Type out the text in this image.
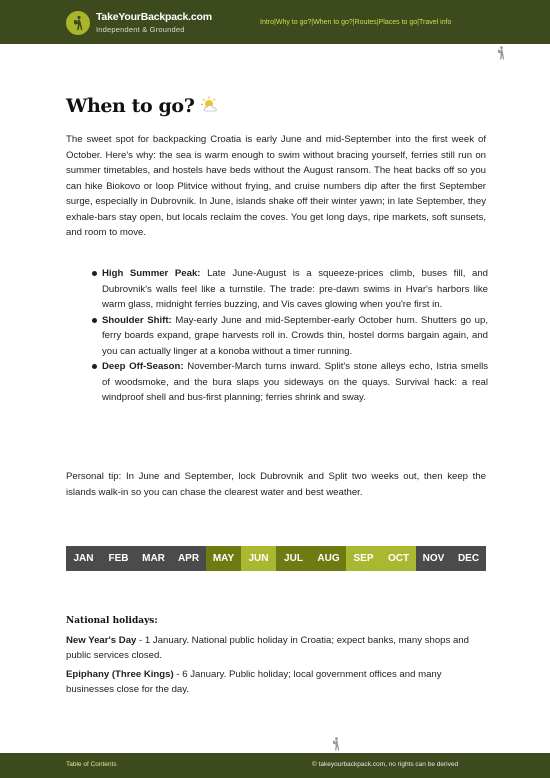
TakeYourBackpack.com
Independent & Grounded
Intro | Why to go? | When to go? | Routes | Places to go | Travel info
When to go?

The sweet spot for backpacking Croatia is early June and mid-September into the first week of October. Here's why: the sea is warm enough to swim without bracing yourself, ferries still run on summer timetables, and hostels have beds without the August ransom. The heat backs off so you can hike Biokovo or loop Plitvice without frying, and cruise numbers dip after the first September surge, especially in Dubrovnik. In June, islands shake off their winter yawn; in late September, they exhale-bars stay open, but locals reclaim the coves. You get long days, ripe markets, soft sunsets, and room to move.

High Summer Peak: Late June-August is a squeeze-prices climb, buses fill, and Dubrovnik's walls feel like a turnstile. The trade: pre-dawn swims in Hvar's harbors like warm glass, midnight ferries buzzing, and Vis caves glowing when you're first in.
Shoulder Shift: May-early June and mid-September-early October hum. Shutters go up, ferry boards expand, grape harvests roll in. Crowds thin, hostel dorms bargain again, and you can actually linger at a konoba without a timer running.
Deep Off-Season: November-March turns inward. Split's stone alleys echo, Istria smells of woodsmoke, and the bura slaps you sideways on the quays. Survival hack: a real windproof shell and bus-first planning; ferries shrink and sway.

Personal tip: In June and September, lock Dubrovnik and Split two weeks out, then keep the islands walk-in so you can chase the clearest water and best weather.

JAN	FEB	MAR	APR	MAY	JUN	JUL	AUG	SEP	OCT	NOV	DEC
National holidays:

New Year's Day - 1 January. National public holiday in Croatia; expect banks, many shops and public services closed.

Epiphany (Three Kings) - 6 January. Public holiday; local government offices and many businesses close for the day.

Table of Contents	© takeyourbackpack.com, no rights can be derived
